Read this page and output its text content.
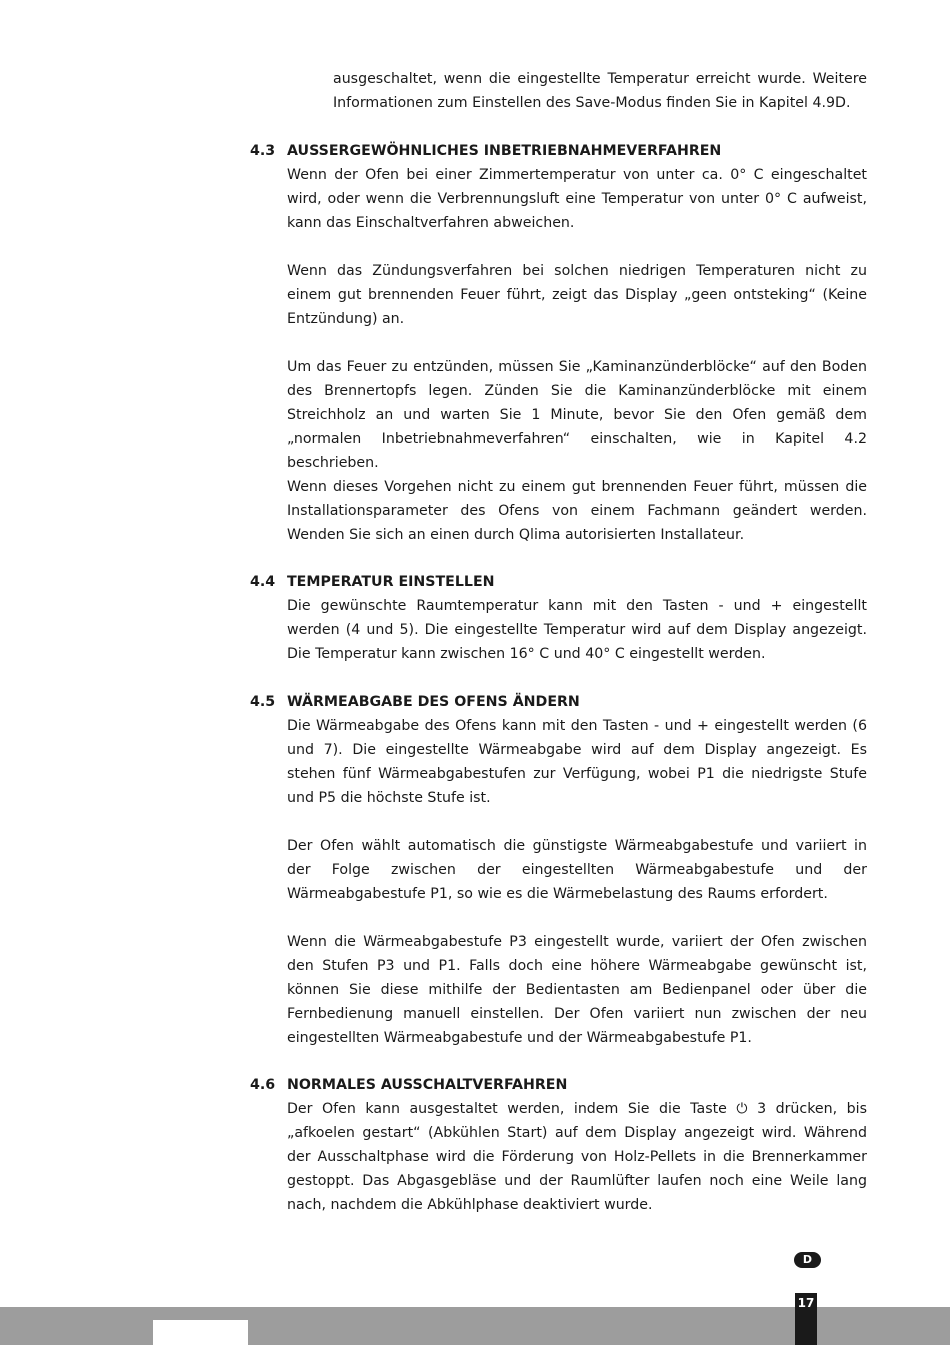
ausgeschaltet, wenn die eingestellte Temperatur erreicht wurde. Weitere Informationen zum Einstellen des Save-Modus finden Sie in Kapitel 4.9D.

4.3 AUSSERGEWÖHNLICHES INBETRIEBNAHMEVERFAHREN

Wenn der Ofen bei einer Zimmertemperatur von unter ca. 0° C eingeschaltet wird, oder wenn die Verbrennungsluft eine Temperatur von unter 0° C aufweist, kann das Einschaltverfahren abweichen.

Wenn das Zündungsverfahren bei solchen niedrigen Temperaturen nicht zu einem gut brennenden Feuer führt, zeigt das Display „geen ontsteking“ (Keine Entzündung) an.

Um das Feuer zu entzünden, müssen Sie „Kaminanzünderblöcke“ auf den Boden des Brennertopfs legen. Zünden Sie die Kaminanzünderblöcke mit einem Streichholz an und warten Sie 1 Minute, bevor Sie den Ofen gemäß dem „normalen Inbetriebnahmeverfahren“ einschalten, wie in Kapitel 4.2 beschrieben.

Wenn dieses Vorgehen nicht zu einem gut brennenden Feuer führt, müssen die Installationsparameter des Ofens von einem Fachmann geändert werden. Wenden Sie sich an einen durch Qlima autorisierten Installateur.

4.4 TEMPERATUR EINSTELLEN

Die gewünschte Raumtemperatur kann mit den Tasten - und + eingestellt werden (4 und 5). Die eingestellte Temperatur wird auf dem Display angezeigt. Die Temperatur kann zwischen 16° C und 40° C eingestellt werden.

4.5 WÄRMEABGABE DES OFENS ÄNDERN

Die Wärmeabgabe des Ofens kann mit den Tasten - und + eingestellt werden (6 und 7). Die eingestellte Wärmeabgabe wird auf dem Display angezeigt. Es stehen fünf Wärmeabgabestufen zur Verfügung, wobei P1 die niedrigste Stufe und P5 die höchste Stufe ist.

Der Ofen wählt automatisch die günstigste Wärmeabgabestufe und variiert in der Folge zwischen der eingestellten Wärmeabgabestufe und der Wärmeabgabestufe P1, so wie es die Wärmebelastung des Raums erfordert.

Wenn die Wärmeabgabestufe P3 eingestellt wurde, variiert der Ofen zwischen den Stufen P3 und P1. Falls doch eine höhere Wärmeabgabe gewünscht ist, können Sie diese mithilfe der Bedientasten am Bedienpanel oder über die Fernbedienung manuell einstellen. Der Ofen variiert nun zwischen der neu eingestellten Wärmeabgabestufe und der Wärmeabgabestufe P1.

4.6 NORMALES AUSSCHALTVERFAHREN

Der Ofen kann ausgestaltet werden, indem Sie die Taste ⏻ 3 drücken, bis „afkoelen gestart“ (Abkühlen Start) auf dem Display angezeigt wird. Während der Ausschaltphase wird die Förderung von Holz-Pellets in die Brennerkammer gestoppt. Das Abgasgebläse und der Raumlüfter laufen noch eine Weile lang nach, nachdem die Abkühlphase deaktiviert wurde.

D
17
